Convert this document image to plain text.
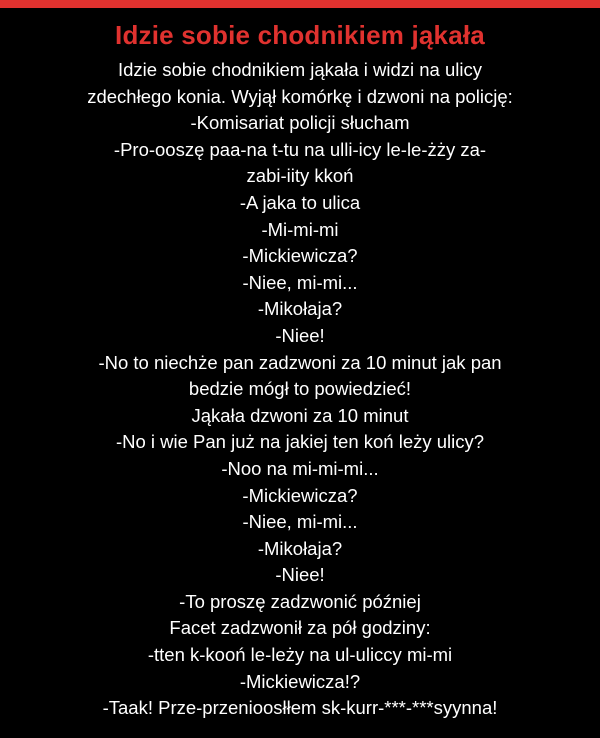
Idzie sobie chodnikiem jąkała
Idzie sobie chodnikiem jąkała i widzi na ulicy
zdechłego konia. Wyjął komórkę i dzwoni na policję:
-Komisariat policji słucham
-Pro-ooszę paa-na t-tu na ulli-icy le-le-żży za-
zabi-iity kkoń
-A jaka to ulica
-Mi-mi-mi
-Mickiewicza?
-Niee, mi-mi...
-Mikołaja?
-Niee!
-No to niechże pan zadzwoni za 10 minut jak pan
bedzie mógł to powiedzieć!
Jąkała dzwoni za 10 minut
-No i wie Pan już na jakiej ten koń leży ulicy?
-Noo na mi-mi-mi...
-Mickiewicza?
-Niee, mi-mi...
-Mikołaja?
-Niee!
-To proszę zadzwonić później
Facet zadzwonił za pół godziny:
-tten k-kooń le-leży na ul-uliccy mi-mi
-Mickiewicza!?
-Taak! Prze-przenioosłłem sk-kurr-***-***syynna!
